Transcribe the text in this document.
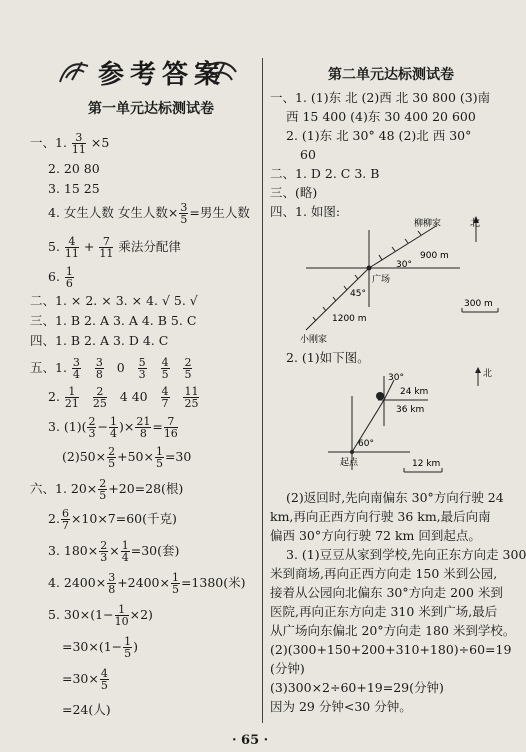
参考答案
第一单元达标测试卷
一、1. $\frac{3}{11} \times 5$
2. 20 80
3. 15 25
4. 女生人数 女生人数× $\frac{3}{5}$ =男生人数
5. $\frac{4}{11} + \frac{7}{11}$ 乘法分配律
6. $\frac{1}{6}$
二、1. × 2. × 3. × 4. √ 5. √
三、1. B 2. A 3. A 4. B 5. C
四、1. B 2. A 3. D 4. C
五、1. $\frac{3}{4}$
$\frac{3}{8} 0 \frac{5}{3}$
$\frac{4}{5}$
$\frac{2}{5}$
2. $\frac{1}{21}$
$\frac{2}{25} 4$ $40 \frac{4}{7}$
$\frac{11}{25}$
3. $(1)( \frac{2}{3} - \frac{1}{4}$ )× $\frac{21}{8} = \frac{7}{16}$
$(2)50\times \frac{2}{5} +50\times \frac{1}{5} =30$
六、1. $20\times \frac{2}{5} +20=28$(根)
2. $\frac{6}{7} \times 10\times 7=60$(千克)
3. $180\times \frac{2}{3} \times \frac{1}{4} =30$(套)
4. $2400\times \frac{3}{8} +2400\times \frac{1}{5} =1380$(米)
5. $30\times(1- \frac{1}{10} \times 2)$
$=30\times(1- \frac{1}{5}$ )
$=30\times \frac{4}{5}$
=24(人)
第二单元达标测试卷
一、1. (1)东 北 (2)西 北 30 800 (3)南
西 15 400 (4)东 30 400 20 600
2. (1)东 北 30° 48 (2)北 西 30°
60
二、1. D 2. C 3. B
三、(略)
四、1. 如图:
北
柳柳家
900 m
30°
广场
45°
1200 m
小刚家
300 m
2. (1)如下图。
北
30°
24 km
36 km
60°
起点	12 km
(2)返回时,先向南偏东 30°方向行驶 24
km,再向正西方向行驶 36 km,最后向南
偏西 30°方向行驶 72 km 回到起点。
3. (1)豆豆从家到学校,先向正东方向走 300
米到商场,再向正西方向走 150 米到公园,
接着从公园向北偏东 30°方向走 200 米到
医院,再向正东方向走 310 米到广场,最后
从广场向东偏北 20°方向走 180 米到学校。
(2)(300+150+200+310+180)÷60=19
(分钟)
(3)300×2÷60+19=29(分钟)
因为 29 分钟<30 分钟。
· 65 ·
